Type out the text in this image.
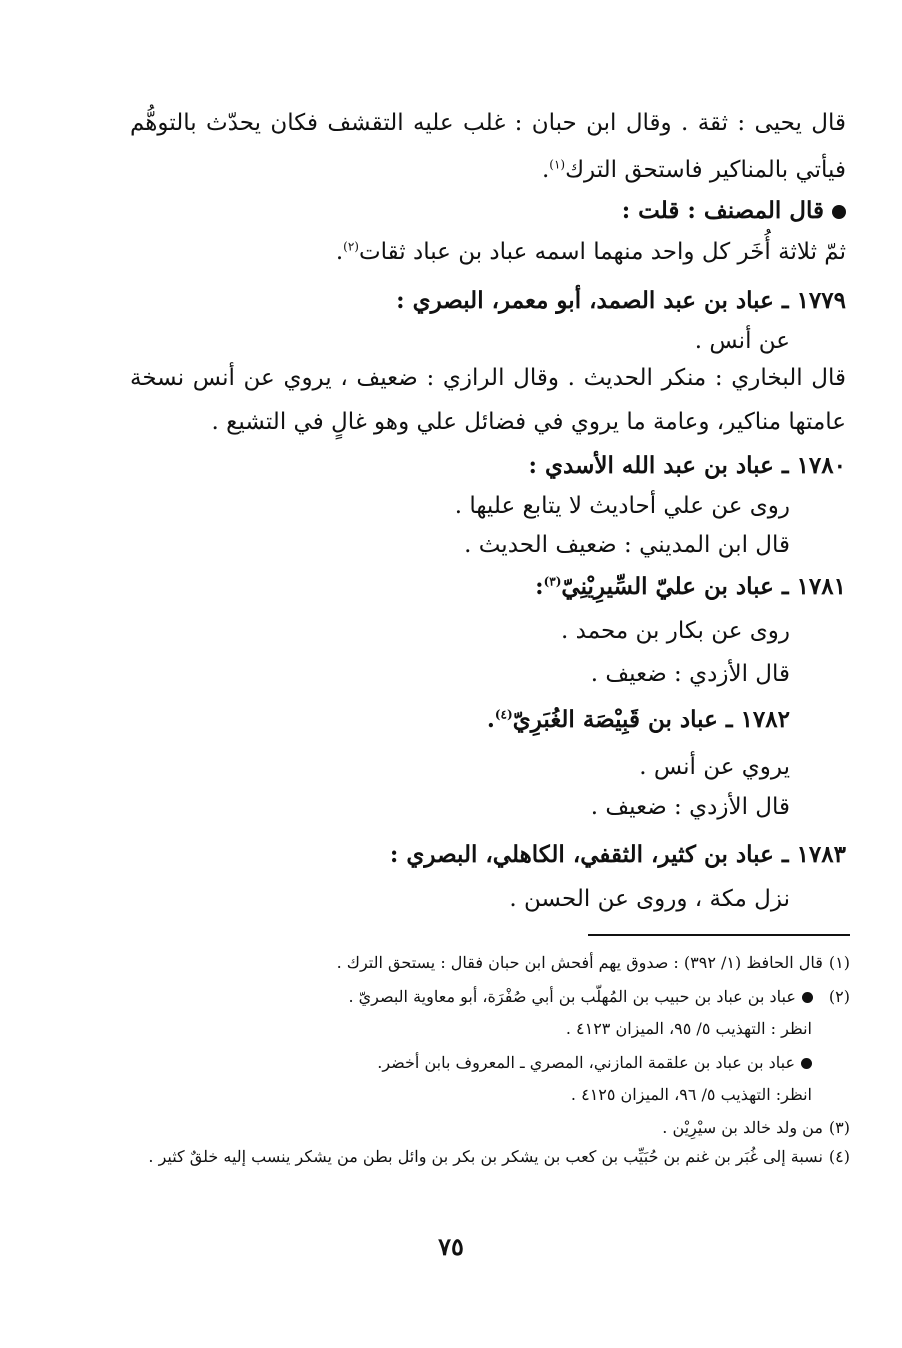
قال يحيى : ثقة . وقال ابن حبان : غلب عليه التقشف فكان يحدّث بالتوهُّم
فيأتي بالمناكير فاستحق الترك$^{(١)}$.
قال المصنف : قلت :
ثمّ ثلاثة أُخَر كل واحد منهما اسمه عباد بن عباد ثقات$^{(٢)}$.
١٧٧٩ ـ عباد بن عبد الصمد، أبو معمر، البصري :
عن أنس .
قال البخاري : منكر الحديث . وقال الرازي : ضعيف ، يروي عن أنس نسخة
عامتها مناكير، وعامة ما يروي في فضائل علي وهو غالٍ في التشيع .
١٧٨٠ ـ عباد بن عبد الله الأسدي :
روى عن علي أحاديث لا يتابع عليها .
قال ابن المديني : ضعيف الحديث .
١٧٨١ ـ عباد بن عليّ السِّيرِيْنِيّ$^{(٣)}$:
روى عن بكار بن محمد .
قال الأزدي : ضعيف .
١٧٨٢ ـ عباد بن قَبِيْصَة الغُبَرِيّ$^{(٤)}$.
يروي عن أنس .
قال الأزدي : ضعيف .
١٧٨٣ ـ عباد بن كثير، الثقفي، الكاهلي، البصري :
نزل مكة ، وروى عن الحسن .
(١)قال الحافظ (١/ ٣٩٢) : صدوق يهم أفحش ابن حبان فقال : يستحق الترك .
(٢)عباد بن عباد بن حبيب بن المُهلّب بن أبي صُفْرَة، أبو معاوية البصريّ .
انظر : التهذيب ٥/ ٩٥، الميزان ٤١٢٣ .
عباد بن عباد بن علقمة المازني، المصري ـ المعروف بابن أخضر.
انظر: التهذيب ٥/ ٩٦، الميزان ٤١٢٥ .
(٣)من ولد خالد بن سيْرِيْن .
(٤)نسبة إلى غُبَر بن غنم بن حُبَيِّب بن كعب بن يشكر بن بكر بن وائل بطن من يشكر ينسب إليه خلقٌ كثير .
٧٥
